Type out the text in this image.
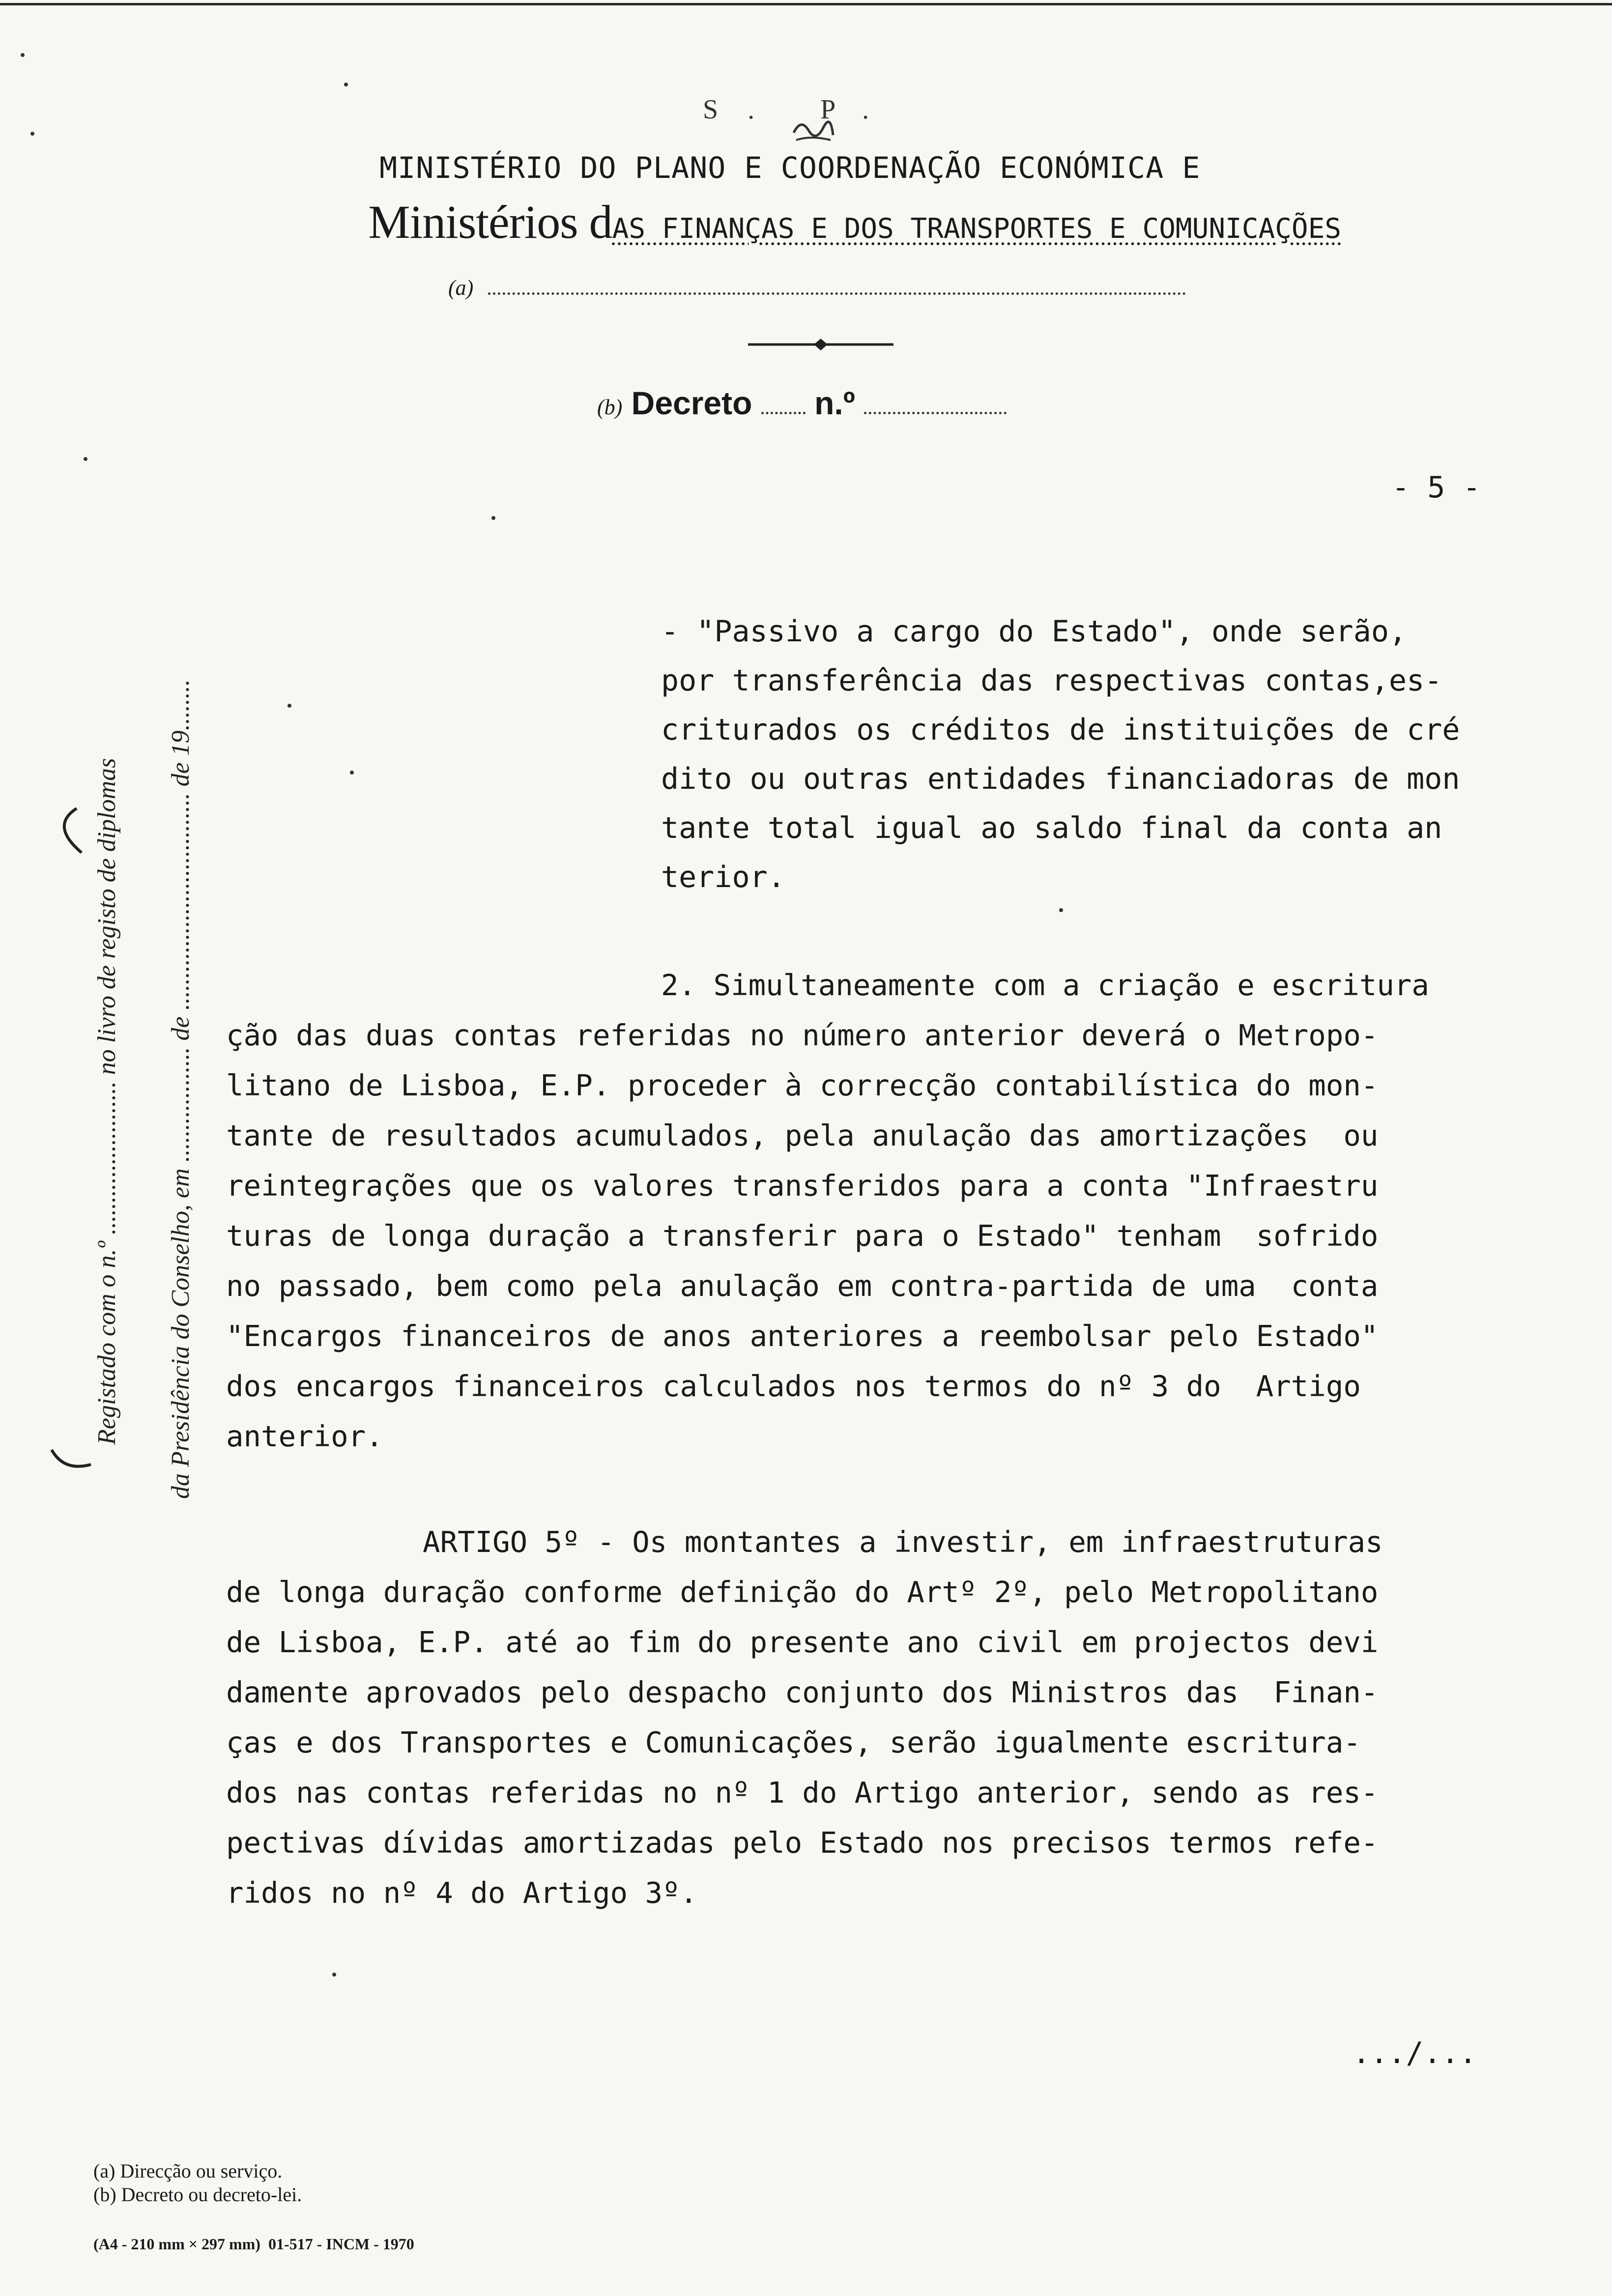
S. P.
MINISTÉRIO DO PLANO E COORDENAÇÃO ECONÓMICA E

Ministérios dAS FINANÇAS E DOS TRANSPORTES E COMUNICAÇÕES

(a)
(b) Decreto n.º
- 5 -
Registado com o n.º ........................ no livro de registo de diplomas da Presidência do Conselho, em .................. de .................................. de 19........
- "Passivo a cargo do Estado", onde serão,
por transferência das respectivas contas,es-
criturados os créditos de instituições de cré
dito ou outras entidades financiadoras de mon
tante total igual ao saldo final da conta an
terior.
2. Simultaneamente com a criação e escritura
ção das duas contas referidas no número anterior deverá o Metropo-
litano de Lisboa, E.P. proceder à correcção contabilística do mon-
tante de resultados acumulados, pela anulação das amortizações  ou
reintegrações que os valores transferidos para a conta "Infraestru
turas de longa duração a transferir para o Estado" tenham  sofrido
no passado, bem como pela anulação em contra-partida de uma  conta
"Encargos financeiros de anos anteriores a reembolsar pelo Estado"
dos encargos financeiros calculados nos termos do nº 3 do  Artigo
anterior.
ARTIGO 5º - Os montantes a investir, em infraestruturas
de longa duração conforme definição do Artº 2º, pelo Metropolitano
de Lisboa, E.P. até ao fim do presente ano civil em projectos devi
damente aprovados pelo despacho conjunto dos Ministros das  Finan-
ças e dos Transportes e Comunicações, serão igualmente escritura-
dos nas contas referidas no nº 1 do Artigo anterior, sendo as res-
pectivas dívidas amortizadas pelo Estado nos precisos termos refe-
ridos no nº 4 do Artigo 3º.
.../...
(a) Direcção ou serviço.
(b) Decreto ou decreto-lei.
(A4 - 210 mm × 297 mm)  01-517 - INCM - 1970
